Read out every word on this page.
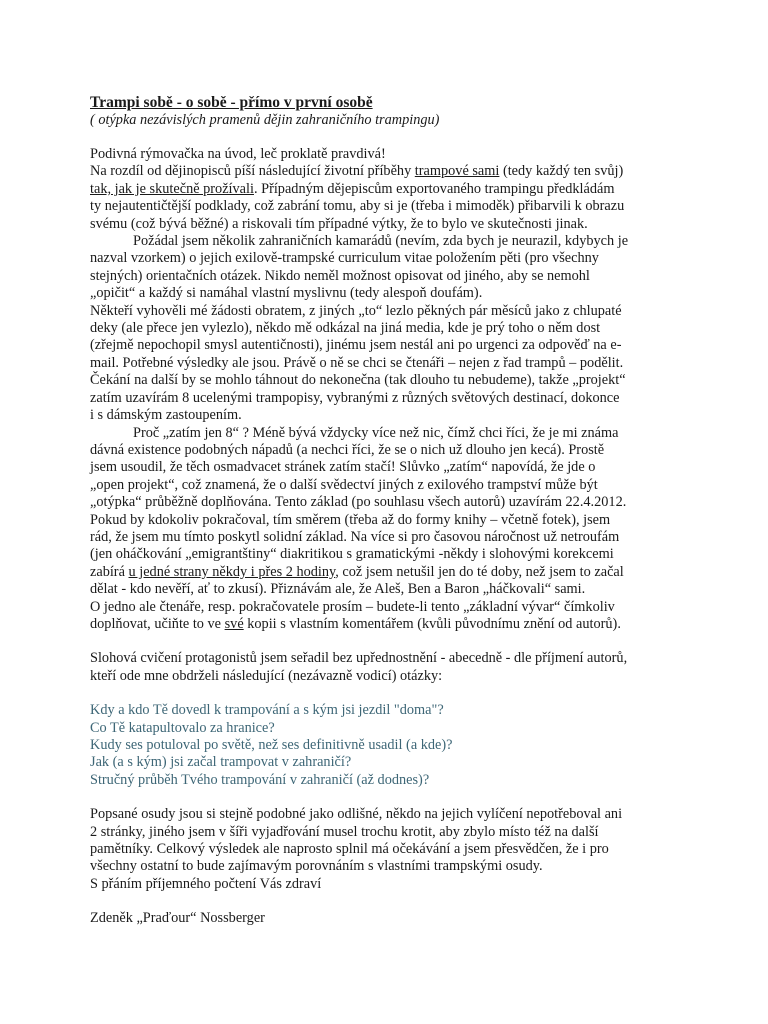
Trampi sobě - o sobě - přímo v první osobě
( otýpka nezávislých pramenů dějin zahraničního trampingu)
Podivná rýmovačka na úvod, leč proklatě pravdivá!
Na rozdíl od dějinopisců píší následující životní příběhy trampové sami (tedy každý ten svůj)
tak, jak je skutečně prožívali. Případným dějepiscům exportovaného trampingu předkládám
ty nejautentičtější podklady, což zabrání tomu, aby si je (třeba i mimoděk) přibarvili k obrazu
svému (což bývá běžné) a riskovali tím případné výtky, že to bylo ve skutečnosti jinak.
Požádal jsem několik zahraničních kamarádů (nevím, zda bych je neurazil, kdybych je
nazval vzorkem) o jejich exilově-trampské curriculum vitae položením pěti (pro všechny
stejných) orientačních otázek. Nikdo neměl možnost opisovat od jiného, aby se nemohl
„opičit“ a každý si namáhal vlastní myslivnu (tedy alespoň doufám).
Někteří vyhověli mé žádosti obratem, z jiných „to“ lezlo pěkných pár měsíců jako z chlupaté
deky (ale přece jen vylezlo), někdo mě odkázal na jiná media, kde je prý toho o něm dost
(zřejmě nepochopil smysl autentičnosti), jinému jsem nestál ani po urgenci za odpověď na e-
mail. Potřebné výsledky ale jsou. Právě o ně se chci se čtenáři – nejen z řad trampů – podělit.
Čekání na další by se mohlo táhnout do nekonečna (tak dlouho tu nebudeme), takže „projekt“
zatím uzavírám 8 ucelenými trampopisy, vybranými z různých světových destinací, dokonce
i s dámským zastoupením.
Proč „zatím jen 8“ ? Méně bývá vždycky více než nic, čímž chci říci, že je mi známa
dávná existence podobných nápadů (a nechci říci, že se o nich už dlouho jen kecá). Prostě
jsem usoudil, že těch osmadvacet stránek zatím stačí! Slůvko „zatím“ napovídá, že jde o
„open projekt“, což znamená, že o další svědectví jiných z exilového trampství může být
„otýpka“ průběžně doplňována. Tento základ (po souhlasu všech autorů) uzavírám 22.4.2012.
Pokud by kdokoliv pokračoval, tím směrem (třeba až do formy knihy – včetně fotek), jsem
rád, že jsem mu tímto poskytl solidní základ. Na více si pro časovou náročnost už netroufám
(jen oháčkování „emigrantštiny“ diakritikou s gramatickými -někdy i slohovými korekcemi
zabírá u jedné strany někdy i přes 2 hodiny, což jsem netušil jen do té doby, než jsem to začal
dělat - kdo nevěří, ať to zkusí). Přiznávám ale, že Aleš, Ben a Baron „háčkovali“ sami.
O jedno ale čtenáře, resp. pokračovatele prosím – budete-li tento „základní vývar“ čímkoliv
doplňovat, učiňte to ve své kopii s vlastním komentářem (kvůli původnímu znění od autorů).
Slohová cvičení protagonistů jsem seřadil bez upřednostnění - abecedně - dle příjmení autorů,
kteří ode mne obdrželi následující (nezávazně vodicí) otázky:
Kdy a kdo Tě dovedl k trampování a s kým jsi jezdil "doma"?
Co Tě katapultovalo za hranice?
Kudy ses potuloval po světě, než ses definitivně usadil (a kde)?
Jak (a s kým) jsi začal trampovat v zahraničí?
Stručný průběh Tvého trampování v zahraničí (až dodnes)?
Popsané osudy jsou si stejně podobné jako odlišné, někdo na jejich vylíčení nepotřeboval ani
2 stránky, jiného jsem v šíři vyjadřování musel trochu krotit, aby zbylo místo též na další
pamětníky. Celkový výsledek ale naprosto splnil má očekávání a jsem přesvědčen, že i pro
všechny ostatní to bude zajímavým porovnáním s vlastními trampskými osudy.
S přáním příjemného počtení Vás zdraví
Zdeněk „Praďour“ Nossberger
